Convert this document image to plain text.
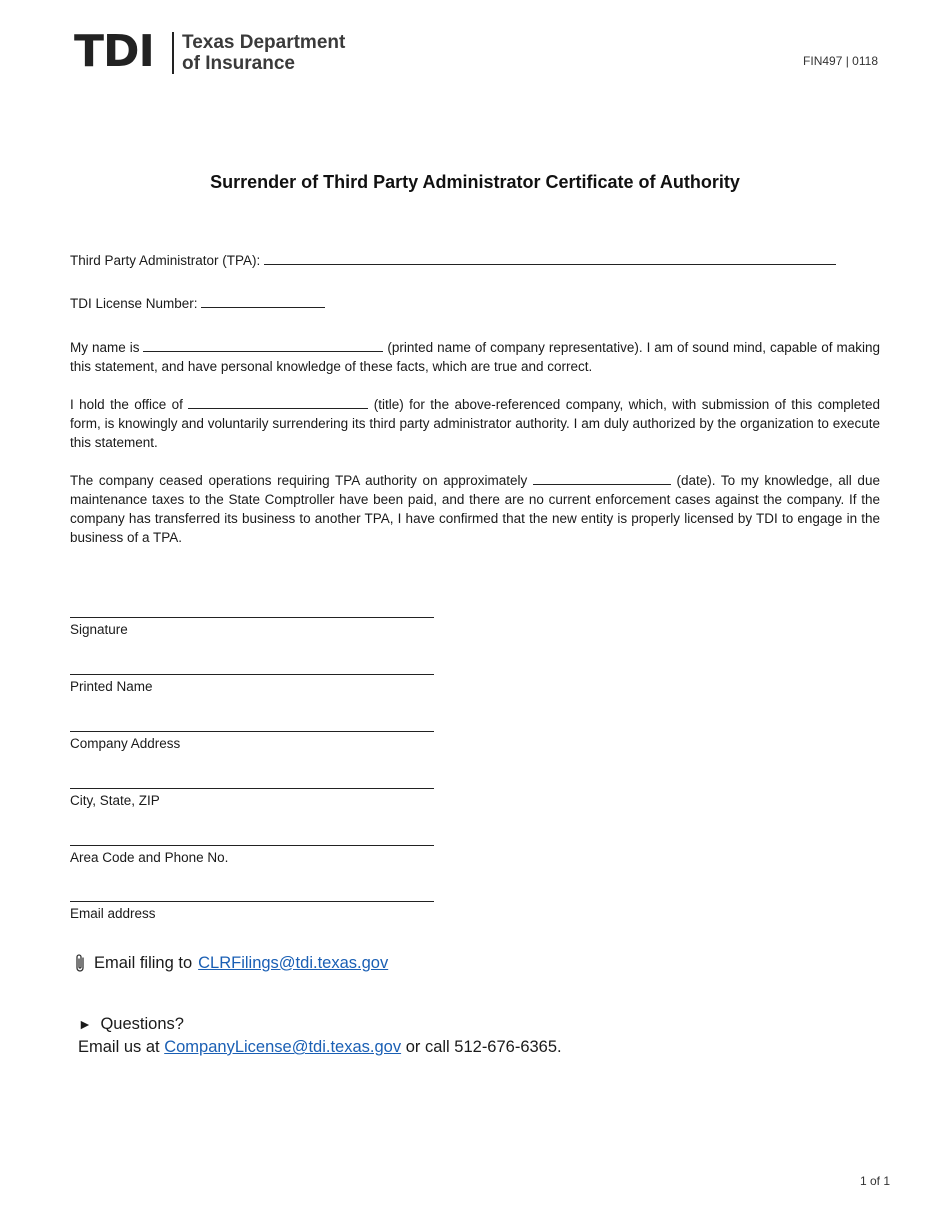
TDI Texas Department
of Insurance	FIN497 | 0118
Surrender of Third Party Administrator Certificate of Authority
Third Party Administrator (TPA):
TDI License Number:
My name is	(printed name of company representative). I am of sound mind, capable of making this statement, and have personal knowledge of these facts, which are true and correct.
I hold the office of	(title) for the above-referenced company, which, with submission of this completed form, is knowingly and voluntarily surrendering its third party administrator authority. I am duly authorized by the organization to execute this statement.
The company ceased operations requiring TPA authority on approximately	(date). To my knowledge, all due maintenance taxes to the State Comptroller have been paid, and there are no current enforcement cases against the company. If the company has transferred its business to another TPA, I have confirmed that the new entity is properly licensed by TDI to engage in the business of a TPA.
Signature
Printed Name
Company Address
City, State, ZIP
Area Code and Phone No.
Email address
Email filing to CLRFilings@tdi.texas.gov
► Questions?
Email us at CompanyLicense@tdi.texas.gov or call 512-676-6365.
1 of 1
